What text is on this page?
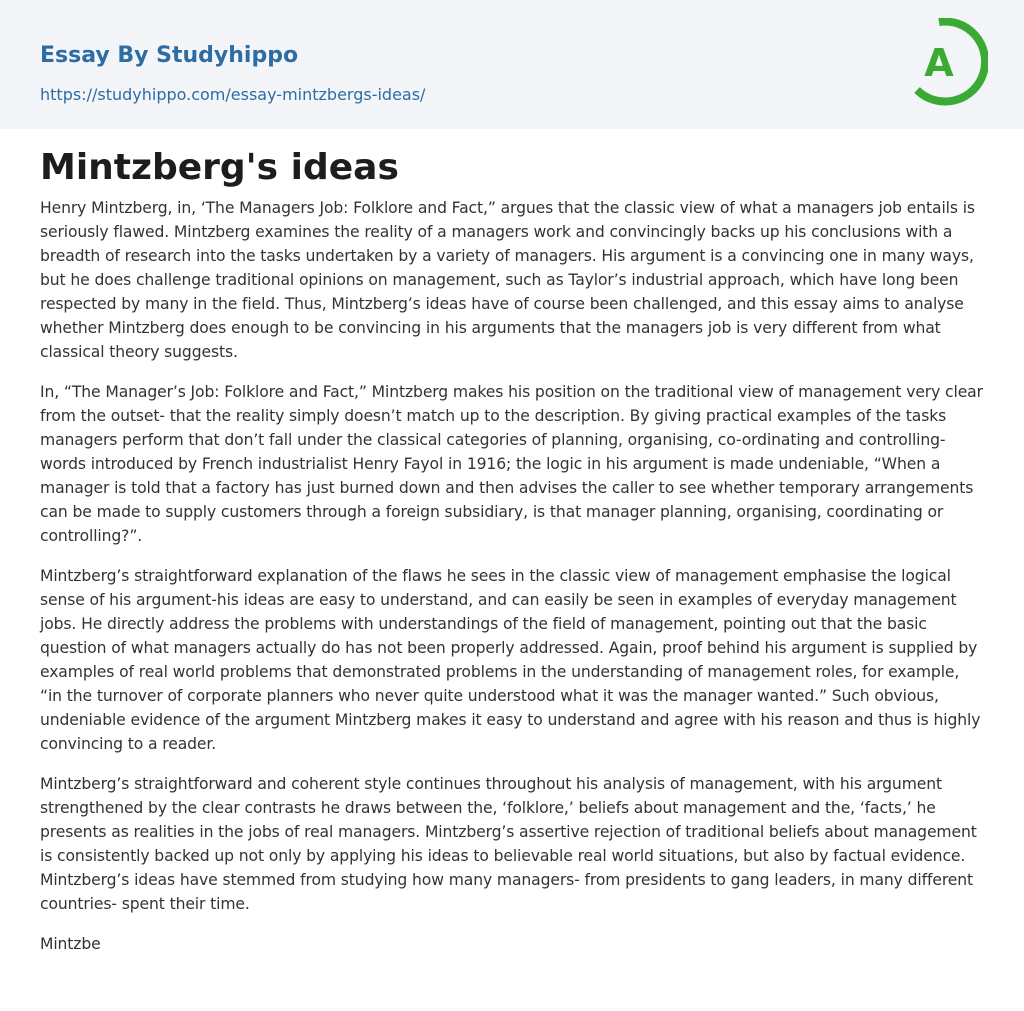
Essay By Studyhippo
https://studyhippo.com/essay-mintzbergs-ideas/
A
Mintzberg's ideas

Henry Mintzberg, in, ‘The Managers Job: Folklore and Fact,” argues that the classic view of what a managers job entails is seriously flawed. Mintzberg examines the reality of a managers work and convincingly backs up his conclusions with a breadth of research into the tasks undertaken by a variety of managers. His argument is a convincing one in many ways, but he does challenge traditional opinions on management, such as Taylor’s industrial approach, which have long been respected by many in the field. Thus, Mintzberg’s ideas have of course been challenged, and this essay aims to analyse whether Mintzberg does enough to be convincing in his arguments that the managers job is very different from what classical theory suggests.

In, “The Manager’s Job: Folklore and Fact,” Mintzberg makes his position on the traditional view of management very clear from the outset- that the reality simply doesn’t match up to the description. By giving practical examples of the tasks managers perform that don’t fall under the classical categories of planning, organising, co-ordinating and controlling- words introduced by French industrialist Henry Fayol in 1916; the logic in his argument is made undeniable, “When a manager is told that a factory has just burned down and then advises the caller to see whether temporary arrangements can be made to supply customers through a foreign subsidiary, is that manager planning, organising, coordinating or controlling?”.

Mintzberg’s straightforward explanation of the flaws he sees in the classic view of management emphasise the logical sense of his argument-his ideas are easy to understand, and can easily be seen in examples of everyday management jobs. He directly address the problems with understandings of the field of management, pointing out that the basic question of what managers actually do has not been properly addressed. Again, proof behind his argument is supplied by examples of real world problems that demonstrated problems in the understanding of management roles, for example, “in the turnover of corporate planners who never quite understood what it was the manager wanted.” Such obvious, undeniable evidence of the argument Mintzberg makes it easy to understand and agree with his reason and thus is highly convincing to a reader.

Mintzberg’s straightforward and coherent style continues throughout his analysis of management, with his argument strengthened by the clear contrasts he draws between the, ‘folklore,’ beliefs about management and the, ‘facts,’ he presents as realities in the jobs of real managers. Mintzberg’s assertive rejection of traditional beliefs about management is consistently backed up not only by applying his ideas to believable real world situations, but also by factual evidence. Mintzberg’s ideas have stemmed from studying how many managers- from presidents to gang leaders, in many different countries- spent their time.

Mintzbe
